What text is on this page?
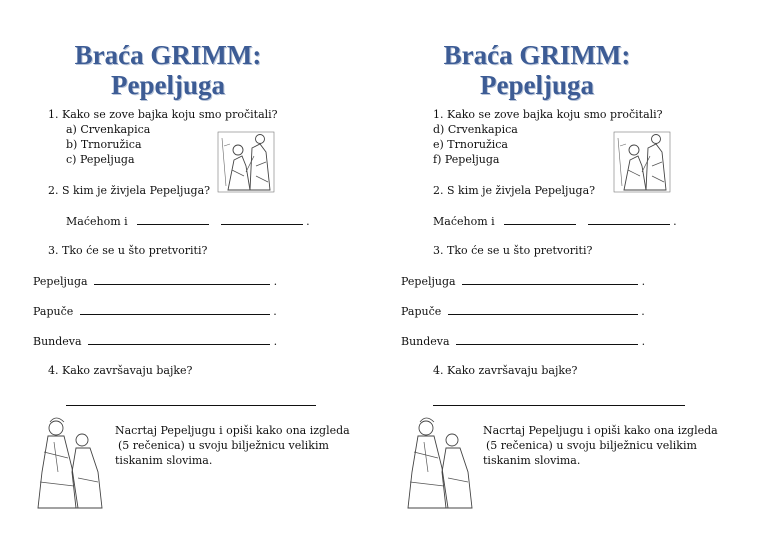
Braća GRIMM:
Pepeljuga
1. Kako se zove bajka koju smo pročitali?
a) Crvenkapica
b) Trnoružica
c) Pepeljuga
2. S kim je živjela Pepeljuga?
Maćehom i	.
3. Tko će se u što pretvoriti?
Pepeljuga	.
Papuče	.
Bundeva	.
4. Kako završavaju bajke?
Nacrtaj Pepeljugu i opiši kako ona izgleda
(5 rečenica) u svoju bilježnicu velikim
tiskanim slovima.
Braća GRIMM:
Pepeljuga
1. Kako se zove bajka koju smo pročitali?
d) Crvenkapica
e) Trnoružica
f) Pepeljuga
2. S kim je živjela Pepeljuga?
Maćehom i	.
3. Tko će se u što pretvoriti?
Pepeljuga	.
Papuče	.
Bundeva	.
4. Kako završavaju bajke?
Nacrtaj Pepeljugu i opiši kako ona izgleda
(5 rečenica) u svoju bilježnicu velikim
tiskanim slovima.
